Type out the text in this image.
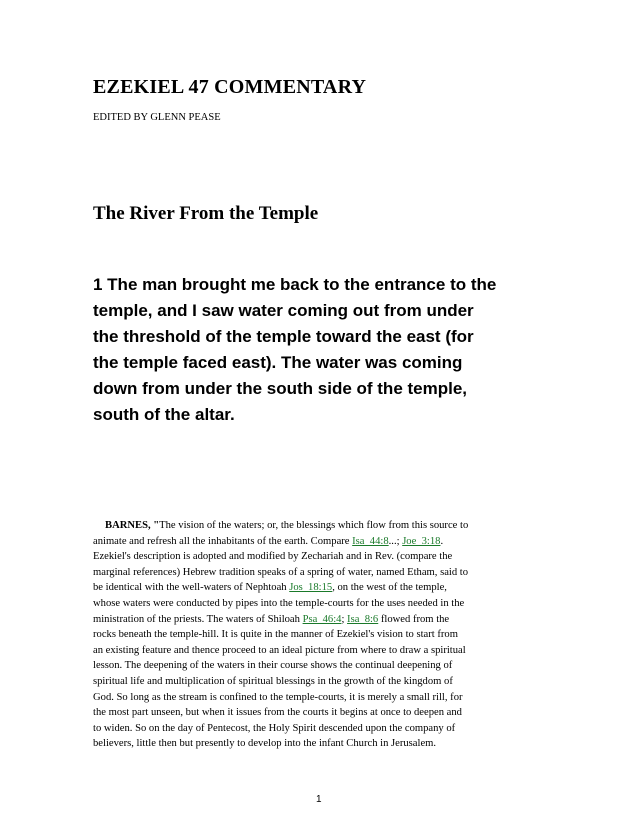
EZEKIEL 47 COMMENTARY

EDITED BY GLENN PEASE

The River From the Temple

1 The man brought me back to the entrance to the
temple, and I saw water coming out from under
the threshold of the temple toward the east (for
the temple faced east). The water was coming
down from under the south side of the temple,
south of the altar.

BARNES, "The vision of the waters; or, the blessings which flow from this source to
animate and refresh all the inhabitants of the earth. Compare Isa_44:8...; Joe_3:18.
Ezekiel's description is adopted and modified by Zechariah and in Rev. (compare the
marginal references) Hebrew tradition speaks of a spring of water, named Etham, said to
be identical with the well-waters of Nephtoah Jos_18:15, on the west of the temple,
whose waters were conducted by pipes into the temple-courts for the uses needed in the
ministration of the priests. The waters of Shiloah Psa_46:4; Isa_8:6 flowed from the
rocks beneath the temple-hill. It is quite in the manner of Ezekiel's vision to start from
an existing feature and thence proceed to an ideal picture from where to draw a spiritual
lesson. The deepening of the waters in their course shows the continual deepening of
spiritual life and multiplication of spiritual blessings in the growth of the kingdom of
God. So long as the stream is confined to the temple-courts, it is merely a small rill, for
the most part unseen, but when it issues from the courts it begins at once to deepen and
to widen. So on the day of Pentecost, the Holy Spirit descended upon the company of
believers, little then but presently to develop into the infant Church in Jerusalem.

1
